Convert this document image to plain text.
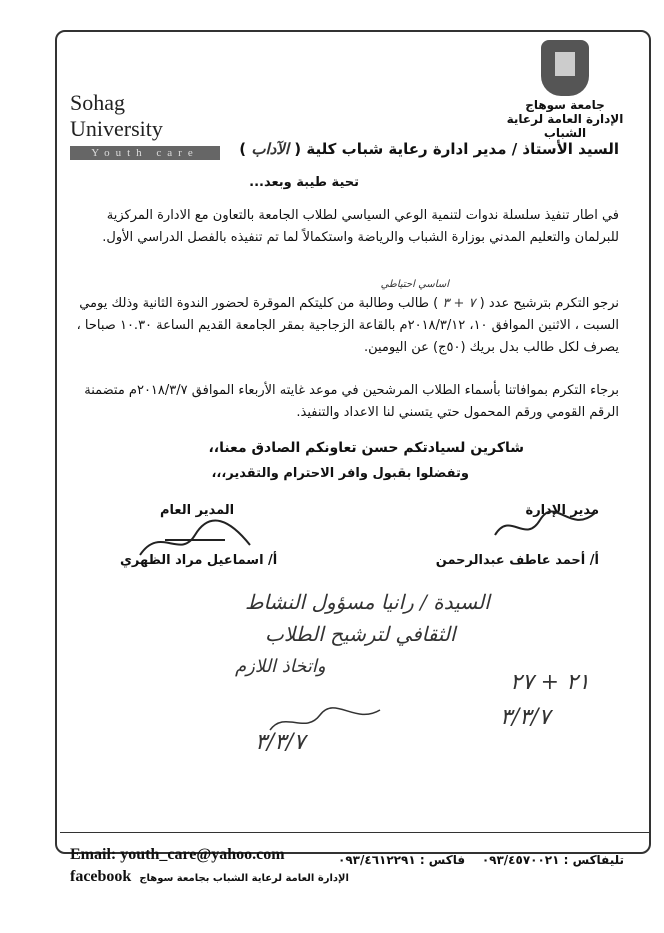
Sohag University
Youth care
جامعة سوهاج
الإدارة العامة لرعاية الشباب
السيد الأستاذ / مدير ادارة رعاية شباب كلية ( الآداب )
تحية طيبة وبعد...
في اطار تنفيذ سلسلة ندوات لتنمية الوعي السياسي لطلاب الجامعة بالتعاون مع الادارة المركزية للبرلمان والتعليم المدني بوزارة الشباب والرياضة واستكمالاً لما تم تنفيذه بالفصل الدراسي الأول.
اساسي احتياطي
نرجو التكرم بترشيح عدد ( ٧ + ٣ ) طالب وطالبة من كليتكم الموقرة لحضور الندوة الثانية وذلك يومي السبت ، الاثنين الموافق ١٠، ٢٠١٨/٣/١٢م بالقاعة الزجاجية بمقر الجامعة القديم الساعة ١٠.٣٠ صباحا ، يصرف لكل طالب بدل بريك (٥٠ج) عن اليومين.
برجاء التكرم بموافاتنا بأسماء الطلاب المرشحين في موعد غايته الأربعاء الموافق ٢٠١٨/٣/٧م متضمنة الرقم القومي ورقم المحمول حتي يتسني لنا الاعداد والتنفيذ.
شاكرين لسيادتكم حسن تعاونكم الصادق معنا،،
وتفضلوا بقبول وافر الاحترام والتقدير،،،
مدير الإدارة
أ/ أحمد عاطف عبدالرحمن
المدير العام
أ/ اسماعيل مراد الظهري
السيدة / رانيا مسؤول النشاط
الثقافي لترشيح الطلاب
واتخاذ اللازم
٢١ + ٢٧
٣/٣/٧
٣/٣/٧
Email: youth_care@yahoo.com
facebook الإدارة العامة لرعاية الشباب بجامعة سوهاج
تليفاكس : ٠٩٣/٤٥٧٠٠٢١    فاكس : ٠٩٣/٤٦١٢٢٩١
